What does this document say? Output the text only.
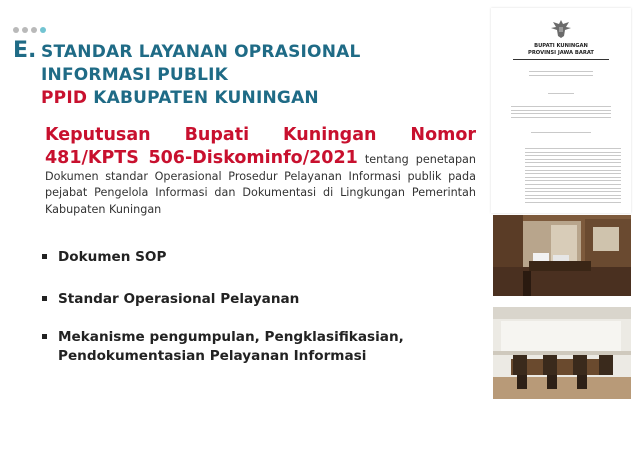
E. STANDAR LAYANAN OPRASIONAL
INFORMASI PUBLIK
PPID KABUPATEN KUNINGAN
Keputusan Bupati Kuningan Nomor
481/KPTS 506-Diskominfo/2021 tentang penetapan Dokumen standar Operasional Prosedur Pelayanan Informasi publik pada pejabat Pengelola Informasi dan Dokumentasi di Lingkungan Pemerintah Kabupaten Kuningan
Dokumen SOP
Standar Operasional Pelayanan
Mekanisme pengumpulan, Pengklasifikasian,
Pendokumentasian Pelayanan Informasi
BUPATI KUNINGAN
PROVINSI JAWA BARAT
